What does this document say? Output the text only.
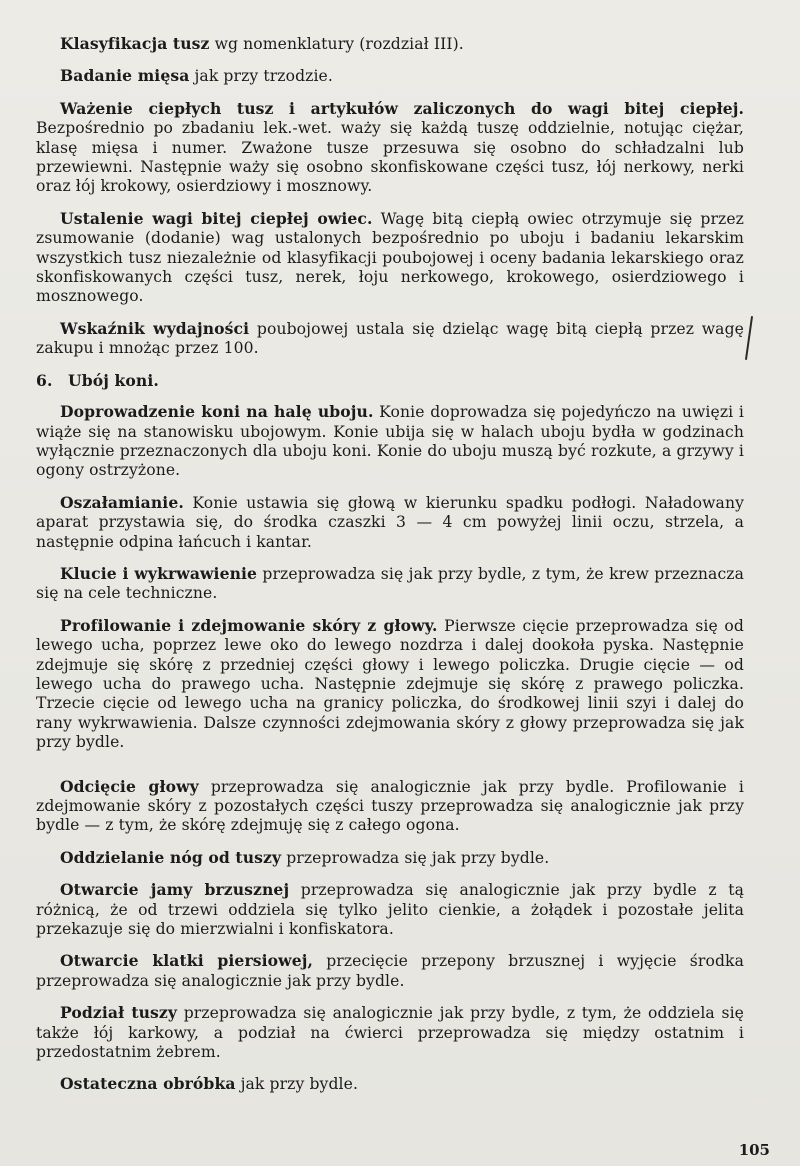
Klasyfikacja tusz wg nomenklatury (rozdział III).

Badanie mięsa jak przy trzodzie.

Ważenie ciepłych tusz i artykułów zaliczonych do wagi bitej ciepłej. Bezpośrednio po zbadaniu lek.-wet. waży się każdą tuszę oddzielnie, notując ciężar, klasę mięsa i numer. Zważone tusze przesuwa się osobno do schładzalni lub przewiewni. Następnie waży się osobno skonfiskowane części tusz, łój nerkowy, nerki oraz łój krokowy, osierdziowy i mosznowy.

Ustalenie wagi bitej ciepłej owiec. Wagę bitą ciepłą owiec otrzymuje się przez zsumowanie (dodanie) wag ustalonych bezpośrednio po uboju i badaniu lekarskim wszystkich tusz niezależnie od klasyfikacji poubojowej i oceny badania lekarskiego oraz skonfiskowanych części tusz, nerek, łoju nerkowego, krokowego, osierdziowego i mosznowego.

Wskaźnik wydajności poubojowej ustala się dzieląc wagę bitą ciepłą przez wagę zakupu i mnożąc przez 100.

6. Ubój koni.

Doprowadzenie koni na halę uboju. Konie doprowadza się pojedyńczo na uwięzi i wiąże się na stanowisku ubojowym. Konie ubija się w halach uboju bydła w godzinach wyłącznie przeznaczonych dla uboju koni. Konie do uboju muszą być rozkute, a grzywy i ogony ostrzyżone.

Oszałamianie. Konie ustawia się głową w kierunku spadku podłogi. Naładowany aparat przystawia się, do środka czaszki 3 — 4 cm powyżej linii oczu, strzela, a następnie odpina łańcuch i kantar.

Klucie i wykrwawienie przeprowadza się jak przy bydle, z tym, że krew przeznacza się na cele techniczne.

Profilowanie i zdejmowanie skóry z głowy. Pierwsze cięcie przeprowadza się od lewego ucha, poprzez lewe oko do lewego nozdrza i dalej dookoła pyska. Następnie zdejmuje się skórę z przedniej części głowy i lewego policzka. Drugie cięcie — od lewego ucha do prawego ucha. Następnie zdejmuje się skórę z prawego policzka. Trzecie cięcie od lewego ucha na granicy policzka, do środkowej linii szyi i dalej do rany wykrwawienia. Dalsze czynności zdejmowania skóry z głowy przeprowadza się jak przy bydle.

Odcięcie głowy przeprowadza się analogicznie jak przy bydle. Profilowanie i zdejmowanie skóry z pozostałych części tuszy przeprowadza się analogicznie jak przy bydle — z tym, że skórę zdejmuję się z całego ogona.

Oddzielanie nóg od tuszy przeprowadza się jak przy bydle.

Otwarcie jamy brzusznej przeprowadza się analogicznie jak przy bydle z tą różnicą, że od trzewi oddziela się tylko jelito cienkie, a żołądek i pozostałe jelita przekazuje się do mierzwialni i konfiskatora.

Otwarcie klatki piersiowej, przecięcie przepony brzusznej i wyjęcie środka przeprowadza się analogicznie jak przy bydle.

Podział tuszy przeprowadza się analogicznie jak przy bydle, z tym, że oddziela się także łój karkowy, a podział na ćwierci przeprowadza się między ostatnim i przedostatnim żebrem.

Ostateczna obróbka jak przy bydle.

105
